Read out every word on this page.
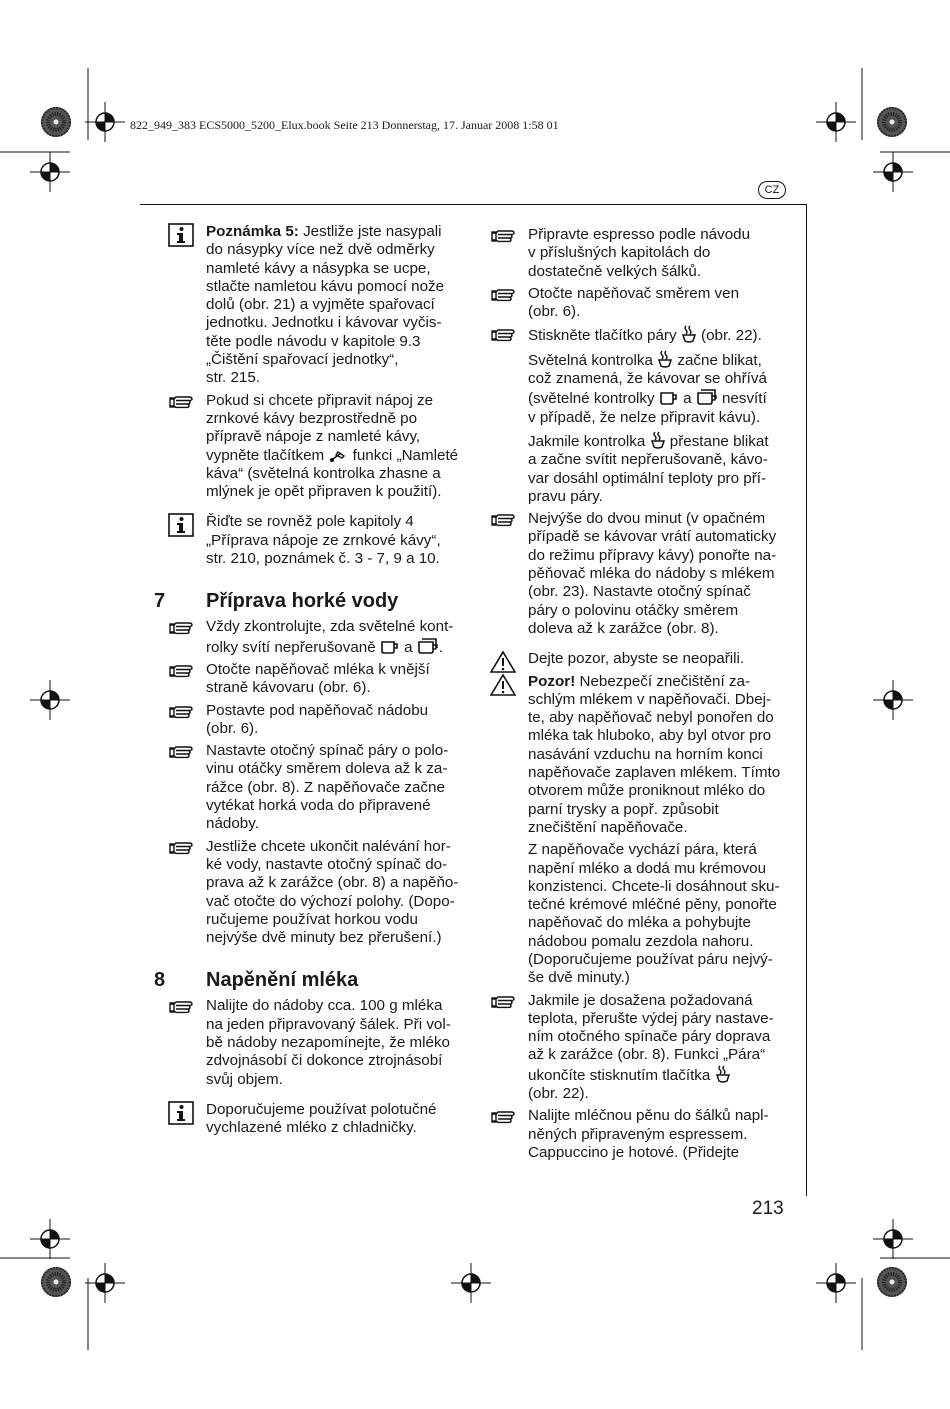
822_949_383 ECS5000_5200_Elux.book Seite 213 Donnerstag, 17. Januar 2008 1:58 01
CZ
213

Poznámka 5: Jestliže jste nasypali

do násypky více než dvě odměrky

namleté kávy a násypka se ucpe,

stlačte namletou kávu pomocí nože

dolů (obr. 21) a vyjměte spařovací

jednotku. Jednotku i kávovar vyčis-

těte podle návodu v kapitole 9.3

„Čištění spařovací jednotky“,

str. 215.

Pokud si chcete připravit nápoj ze

zrnkové kávy bezprostředně po

přípravě nápoje z namleté kávy,

vypněte tlačítkem  funkci „Namleté

káva“ (světelná kontrolka zhasne a

mlýnek je opět připraven k použití).

Řiďte se rovněž pole kapitoly 4

„Příprava nápoje ze zrnkové kávy“,

str. 210, poznámek č. 3 - 7, 9 a 10.

7 Příprava horké vody

Vždy zkontrolujte, zda světelné kont-

rolky svítí nepřerušovaně  a .

Otočte napěňovač mléka k vnější

straně kávovaru (obr. 6).

Postavte pod napěňovač nádobu

(obr. 6).

Nastavte otočný spínač páry o polo-

vinu otáčky směrem doleva až k za-

rážce (obr. 8). Z napěňovače začne

vytékat horká voda do připravené

nádoby.

Jestliže chcete ukončit nalévání hor-

ké vody, nastavte otočný spínač do-

prava až k zarážce (obr. 8) a napěňo-

vač otočte do výchozí polohy. (Dopo-

ručujeme používat horkou vodu

nejvýše dvě minuty bez přerušení.)

8 Napěnění mléka

Nalijte do nádoby cca. 100 g mléka

na jeden připravovaný šálek. Při vol-

bě nádoby nezapomínejte, že mléko

zdvojnásobí či dokonce ztrojnásobí

svůj objem.

Doporučujeme používat polotučné

vychlazené mléko z chladničky.

Připravte espresso podle návodu

v příslušných kapitolách do

dostatečně velkých šálků.

Otočte napěňovač směrem ven

(obr. 6).

Stiskněte tlačítko páry  (obr. 22).

Světelná kontrolka  začne blikat,

což znamená, že kávovar se ohřívá

(světelné kontrolky  a  nesvítí

v případě, že nelze připravit kávu).

Jakmile kontrolka  přestane blikat

a začne svítit nepřerušovaně, kávo-

var dosáhl optimální teploty pro pří-

pravu páry.

Nejvýše do dvou minut (v opačném

případě se kávovar vrátí automaticky

do režimu přípravy kávy) ponořte na-

pěňovač mléka do nádoby s mlékem

(obr. 23). Nastavte otočný spínač

páry o polovinu otáčky směrem

doleva až k zarážce (obr. 8).

Dejte pozor, abyste se neopařili.

Pozor! Nebezpečí znečištění za-

schlým mlékem v napěňovači. Dbej-

te, aby napěňovač nebyl ponořen do

mléka tak hluboko, aby byl otvor pro

nasávání vzduchu na horním konci

napěňovače zaplaven mlékem. Tímto

otvorem může proniknout mléko do

parní trysky a popř. způsobit

znečištění napěňovače.

Z napěňovače vychází pára, která

napění mléko a dodá mu krémovou

konzistenci. Chcete-li dosáhnout sku-

tečné krémové mléčné pěny, ponořte

napěňovač do mléka a pohybujte

nádobou pomalu zezdola nahoru.

(Doporučujeme používat páru nejvý-

še dvě minuty.)

Jakmile je dosažena požadovaná

teplota, přerušte výdej páry nastave-

ním otočného spínače páry doprava

až k zarážce (obr. 8). Funkci „Pára“

ukončíte stisknutím tlačítka

(obr. 22).

Nalijte mléčnou pěnu do šálků napl-

něných připraveným espressem.

Cappuccino je hotové. (Přidejte
